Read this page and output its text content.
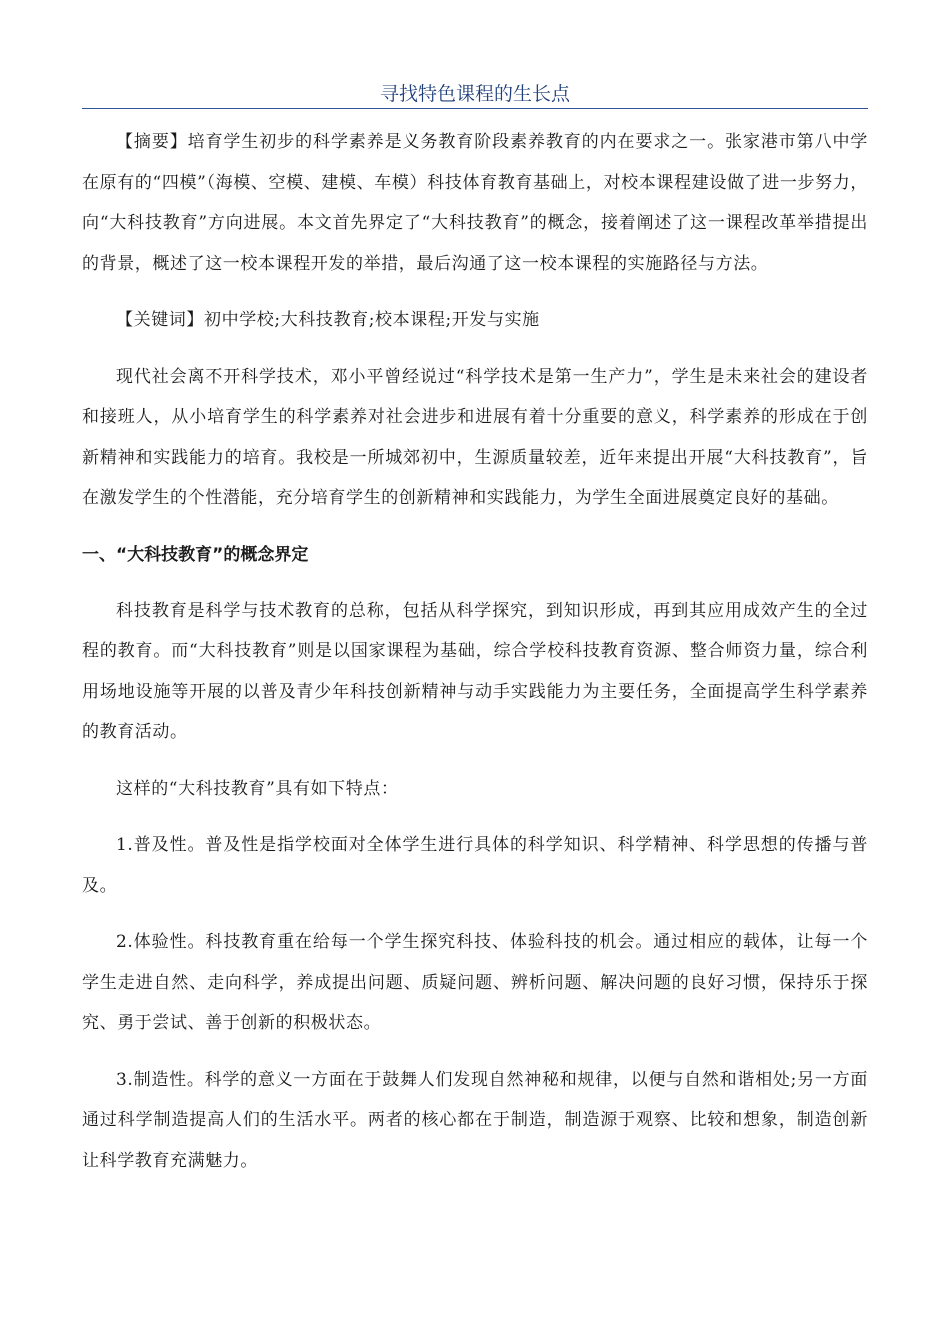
寻找特色课程的生长点

【摘要】培育学生初步的科学素养是义务教育阶段素养教育的内在要求之一。张家港市第八中学在原有的“四模”（海模、空模、建模、车模）科技体育教育基础上，对校本课程建设做了进一步努力，向“大科技教育”方向进展。本文首先界定了“大科技教育”的概念，接着阐述了这一课程改革举措提出的背景，概述了这一校本课程开发的举措，最后沟通了这一校本课程的实施路径与方法。

【关键词】初中学校;大科技教育;校本课程;开发与实施

现代社会离不开科学技术，邓小平曾经说过“科学技术是第一生产力”，学生是未来社会的建设者和接班人，从小培育学生的科学素养对社会进步和进展有着十分重要的意义，科学素养的形成在于创新精神和实践能力的培育。我校是一所城郊初中，生源质量较差，近年来提出开展“大科技教育”，旨在激发学生的个性潜能，充分培育学生的创新精神和实践能力，为学生全面进展奠定良好的基础。

一、“大科技教育”的概念界定

科技教育是科学与技术教育的总称，包括从科学探究，到知识形成，再到其应用成效产生的全过程的教育。而“大科技教育”则是以国家课程为基础，综合学校科技教育资源、整合师资力量，综合利用场地设施等开展的以普及青少年科技创新精神与动手实践能力为主要任务，全面提高学生科学素养的教育活动。

这样的“大科技教育”具有如下特点：

1.普及性。普及性是指学校面对全体学生进行具体的科学知识、科学精神、科学思想的传播与普及。

2.体验性。科技教育重在给每一个学生探究科技、体验科技的机会。通过相应的载体，让每一个学生走进自然、走向科学，养成提出问题、质疑问题、辨析问题、解决问题的良好习惯，保持乐于探究、勇于尝试、善于创新的积极状态。

3.制造性。科学的意义一方面在于鼓舞人们发现自然神秘和规律，以便与自然和谐相处;另一方面通过科学制造提高人们的生活水平。两者的核心都在于制造，制造源于观察、比较和想象，制造创新让科学教育充满魅力。
